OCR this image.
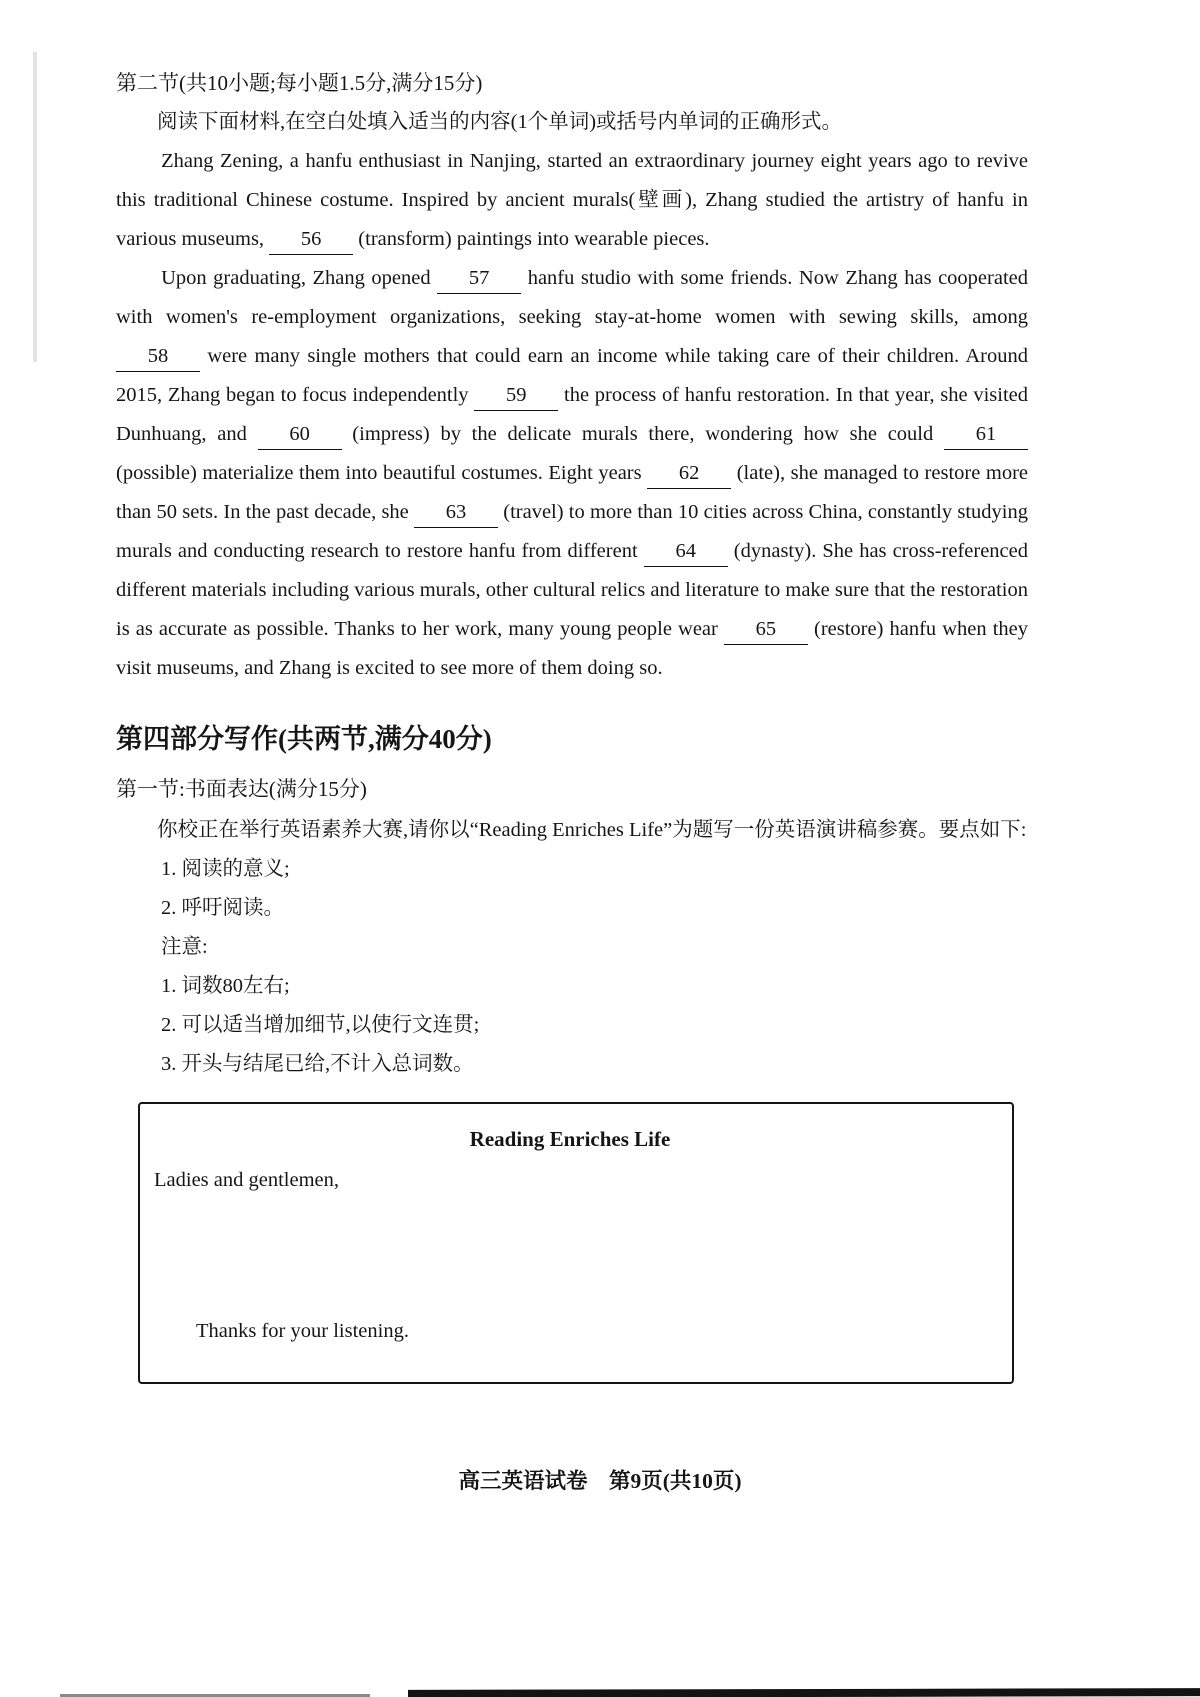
第二节(共10小题;每小题1.5分,满分15分)

阅读下面材料,在空白处填入适当的内容(1个单词)或括号内单词的正确形式。

Zhang Zening, a hanfu enthusiast in Nanjing, started an extraordinary journey eight years ago to revive this traditional Chinese costume. Inspired by ancient murals(壁画), Zhang studied the artistry of hanfu in various museums, 56 (transform) paintings into wearable pieces.

Upon graduating, Zhang opened 57 hanfu studio with some friends. Now Zhang has cooperated with women's re-employment organizations, seeking stay-at-home women with sewing skills, among 58 were many single mothers that could earn an income while taking care of their children. Around 2015, Zhang began to focus independently 59 the process of hanfu restoration. In that year, she visited Dunhuang, and 60 (impress) by the delicate murals there, wondering how she could 61 (possible) materialize them into beautiful costumes. Eight years 62 (late), she managed to restore more than 50 sets. In the past decade, she 63 (travel) to more than 10 cities across China, constantly studying murals and conducting research to restore hanfu from different 64 (dynasty). She has cross-referenced different materials including various murals, other cultural relics and literature to make sure that the restoration is as accurate as possible. Thanks to her work, many young people wear 65 (restore) hanfu when they visit museums, and Zhang is excited to see more of them doing so.

第四部分写作(共两节,满分40分)

第一节:书面表达(满分15分)

你校正在举行英语素养大赛,请你以“Reading Enriches Life”为题写一份英语演讲稿参赛。要点如下:

1. 阅读的意义;

2. 呼吁阅读。

注意:

1. 词数80左右;

2. 可以适当增加细节,以使行文连贯;

3. 开头与结尾已给,不计入总词数。

Reading Enriches Life
Ladies and gentlemen,
Thanks for your listening.
高三英语试卷　第9页(共10页)
